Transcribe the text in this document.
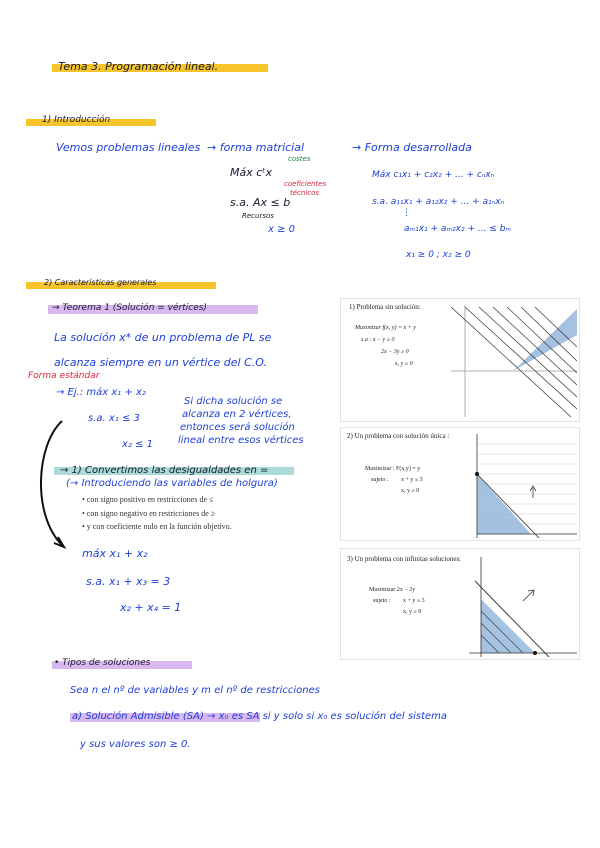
Tema 3. Programación lineal.
1) Introducción
Vemos problemas lineales → forma matricial	→ Forma desarrollada
costes
Máx cᵗx
coeficientes
técnicos
s.a. Ax ≤ b
Recursos
x ≥ 0
Máx c₁x₁ + c₂x₂ + ... + cₙxₙ
s.a. a₁₁x₁ + a₁₂x₂ + ... + a₁ₙxₙ
⋮
aₘ₁x₁ + aₘ₂x₂ + ... ≤ bₘ
x₁ ≥ 0 ; x₂ ≥ 0
2) Características generales
→ Teorema 1 (Solución = vértices)
La solución x* de un problema de PL se
alcanza siempre en un vértice del C.O.
Forma estándar
→ Ej.: máx x₁ + x₂
s.a. x₁ ≤ 3
x₂ ≤ 1
Si dicha solución se
alcanza en 2 vértices,
entonces será solución
lineal entre esos vértices
→ 1) Convertimos las desigualdades en =
(→ Introduciendo las variables de holgura)
• con signo positivo en restricciones de ≤
• con signo negativo en restricciones de ≥
• y con coeficiente nulo en la función objetivo.
máx x₁ + x₂
s.a. x₁ + x₃ = 3
x₂ + x₄ = 1
• Tipos de soluciones
Sea n el nº de variables y m el nº de restricciones
a) Solución Admisible (SA) → x₀ es SA si y solo si x₀ es solución del sistema
y sus valores son ≥ 0.
1) Problema sin solución:
Maximizar f(x, y) = x + y
s.a : x − y ≥ 0
2x − 3y ≥ 0
x, y ≥ 0
2) Un problema con solución única :
Maximizar : F(x,y) = y
sujeto : x + y ≤ 3
x, y ≥ 0
3) Un problema con infinitas soluciones:
Maximizar 2x − 2y
sujeto : x + y ≤ 3
x, y ≥ 0
